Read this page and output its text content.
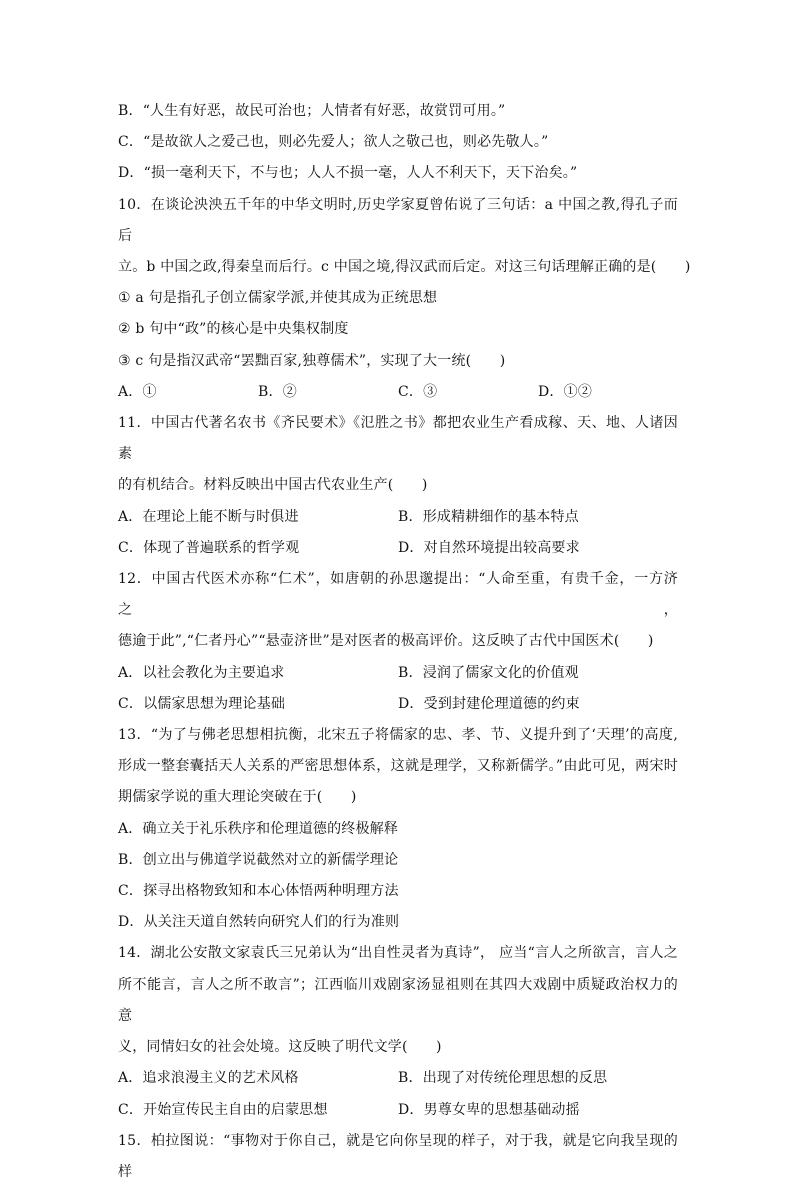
B．“人生有好恶，故民可治也；人情者有好恶，故赏罚可用。”
C．“是故欲人之爱己也，则必先爱人；欲人之敬己也，则必先敬人。”
D．“损一毫利天下，不与也；人人不损一毫，人人不利天下，天下治矣。”
10．在谈论泱泱五千年的中华文明时,历史学家夏曾佑说了三句话：a 中国之教,得孔子而后
立。b 中国之政,得秦皇而后行。c 中国之境,得汉武而后定。对这三句话理解正确的是(　　)
① a 句是指孔子创立儒家学派,并使其成为正统思想
② b 句中“政”的核心是中央集权制度
③ c 句是指汉武帝“罢黜百家,独尊儒术”，实现了大一统(　　)
A．①	B．②	C．③	D．①②
11．中国古代著名农书《齐民要术》《氾胜之书》都把农业生产看成稼、天、地、人诸因素
的有机结合。材料反映出中国古代农业生产(　　)
A．在理论上能不断与时俱进	B．形成精耕细作的基本特点
C．体现了普遍联系的哲学观	D．对自然环境提出较高要求
12．中国古代医术亦称“仁术”，如唐朝的孙思邈提出：“人命至重，有贵千金，一方济之，
德逾于此”,“仁者丹心”“悬壶济世”是对医者的极高评价。这反映了古代中国医术(　　)
A．以社会教化为主要追求	B．浸润了儒家文化的价值观
C．以儒家思想为理论基础	D．受到封建伦理道德的约束
13．“为了与佛老思想相抗衡，北宋五子将儒家的忠、孝、节、义提升到了‘天理’的高度,
形成一整套囊括天人关系的严密思想体系，这就是理学，又称新儒学。”由此可见，两宋时
期儒家学说的重大理论突破在于(　　)
A．确立关于礼乐秩序和伦理道德的终极解释
B．创立出与佛道学说截然对立的新儒学理论
C．探寻出格物致知和本心体悟两种明理方法
D．从关注天道自然转向研究人们的行为准则
14．湖北公安散文家袁氏三兄弟认为“出自性灵者为真诗”， 应当“言人之所欲言，言人之
所不能言，言人之所不敢言”；江西临川戏剧家汤显祖则在其四大戏剧中质疑政治权力的意
义，同情妇女的社会处境。这反映了明代文学(　　)
A．追求浪漫主义的艺术风格	B．出现了对传统伦理思想的反思
C．开始宣传民主自由的启蒙思想	D．男尊女卑的思想基础动摇
15．柏拉图说：“事物对于你自己，就是它向你呈现的样子，对于我，就是它向我呈现的样
